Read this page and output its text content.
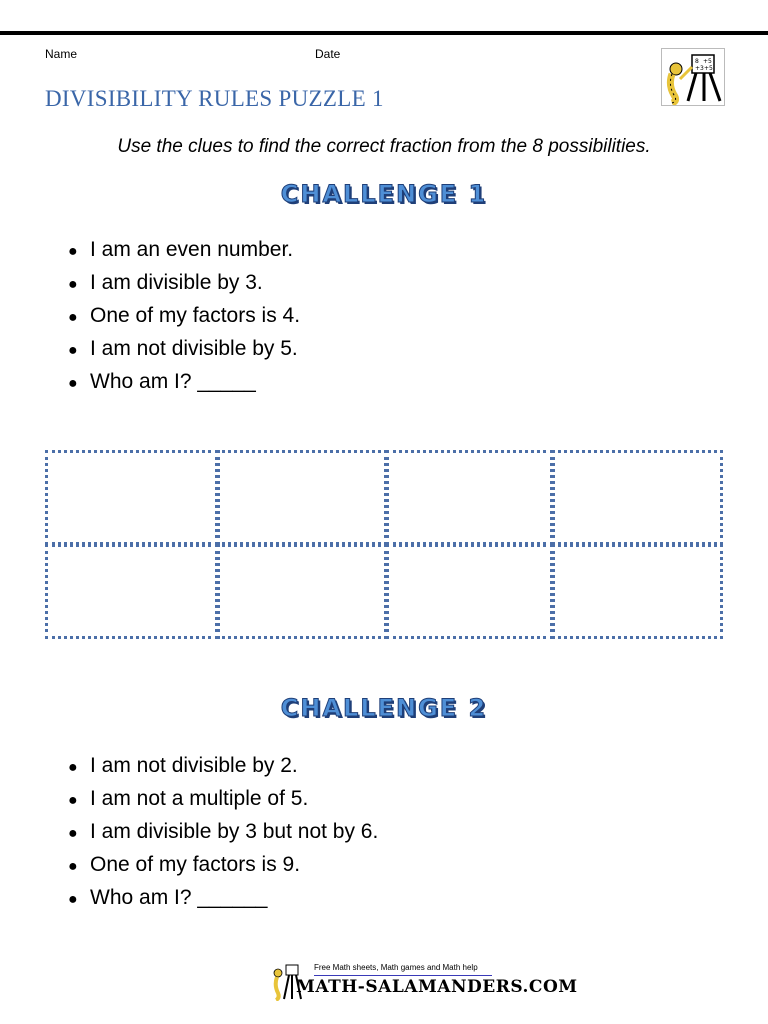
Name	Date
DIVISIBILITY RULES PUZZLE 1
8 +5
+3 +5
Use the clues to find the correct fraction from the 8 possibilities.
CHALLENGE 1
● I am an even number.
● I am divisible by 3.
● One of my factors is 4.
● I am not divisible by 5.
● Who am I? _____
CHALLENGE 2
● I am not divisible by 2.
● I am not a multiple of 5.
● I am divisible by 3 but not by 6.
● One of my factors is 9.
● Who am I? ______
Free Math sheets, Math games and Math help
MATH-SALAMANDERS.COM
